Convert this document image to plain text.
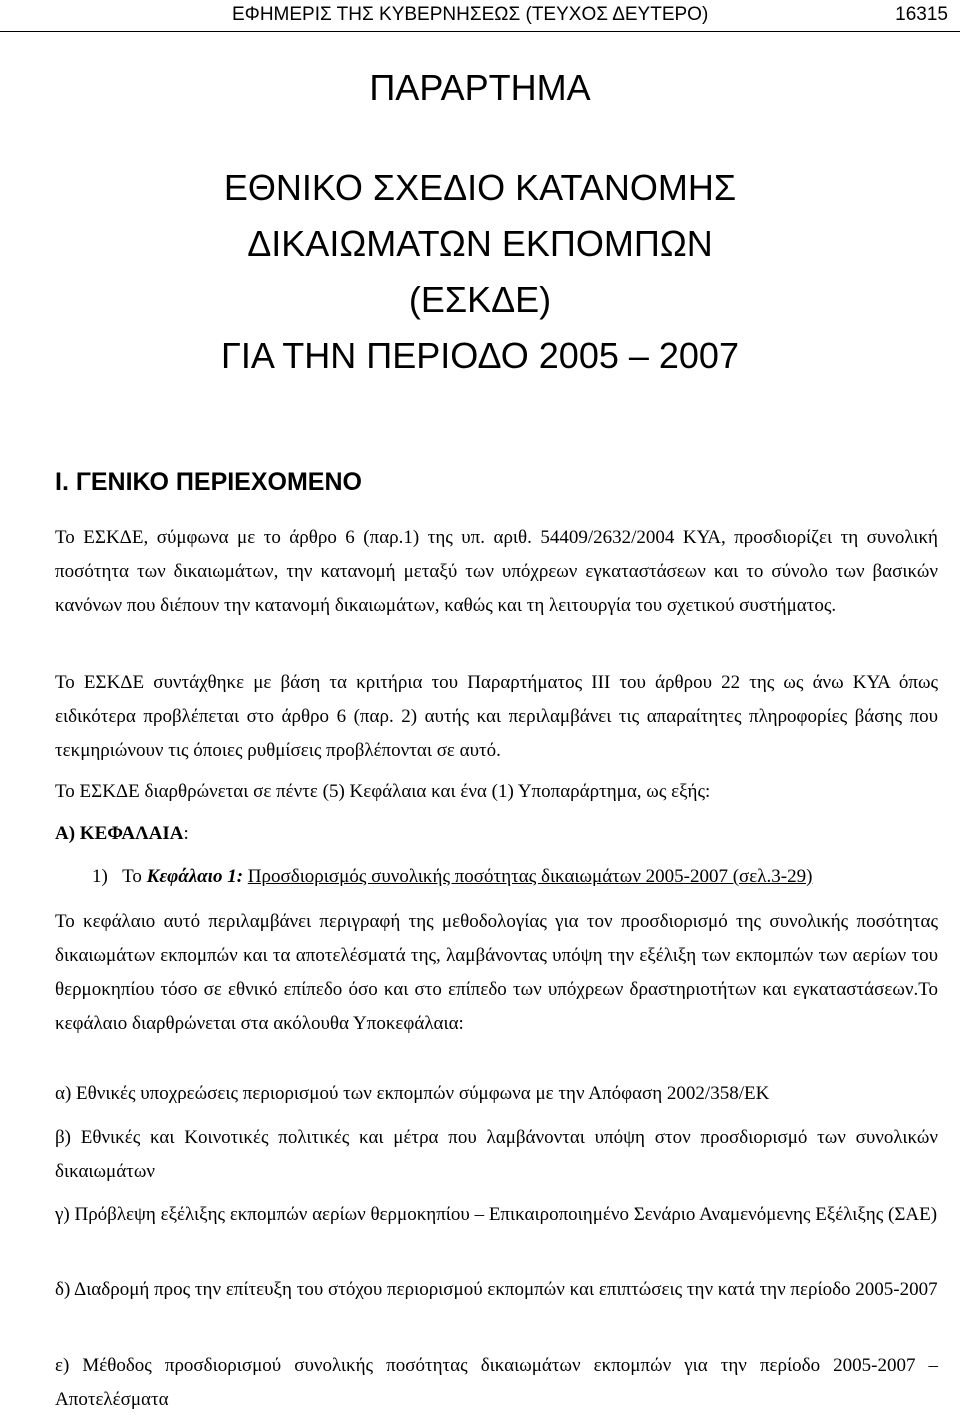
ΕΦΗΜΕΡΙΣ ΤΗΣ ΚΥΒΕΡΝΗΣΕΩΣ (ΤΕΥΧΟΣ ΔΕΥΤΕΡΟ)	16315
ΠΑΡΑΡΤΗΜΑ
ΕΘΝΙΚΟ ΣΧΕΔΙΟ ΚΑΤΑΝΟΜΗΣ
ΔΙΚΑΙΩΜΑΤΩΝ ΕΚΠΟΜΠΩΝ
(ΕΣΚΔΕ)
ΓΙΑ ΤΗΝ ΠΕΡΙΟΔΟ 2005 – 2007
Ι. ΓΕΝΙΚΟ ΠΕΡΙΕΧΟΜΕΝΟ

Το ΕΣΚΔΕ, σύμφωνα με το άρθρο 6 (παρ.1) της υπ. αριθ. 54409/2632/2004 ΚΥΑ, προσδιορίζει τη συνολική ποσότητα των δικαιωμάτων, την κατανομή μεταξύ των υπόχρεων εγκαταστάσεων και το σύνολο των βασικών κανόνων που διέπουν την κατανομή δικαιωμάτων, καθώς και τη λειτουργία του σχετικού συστήματος.

Το ΕΣΚΔΕ συντάχθηκε με βάση τα κριτήρια του Παραρτήματος ΙΙΙ του άρθρου 22 της ως άνω ΚΥΑ όπως ειδικότερα προβλέπεται στο άρθρο 6 (παρ. 2) αυτής και περιλαμβάνει τις απαραίτητες πληροφορίες βάσης που τεκμηριώνουν τις όποιες ρυθμίσεις προβλέπονται σε αυτό.

Το ΕΣΚΔΕ διαρθρώνεται σε πέντε (5) Κεφάλαια και ένα (1) Υποπαράρτημα, ως εξής:

Α) ΚΕΦΑΛΑΙΑ:
1) Το Κεφάλαιο 1: Προσδιορισμός συνολικής ποσότητας δικαιωμάτων 2005-2007 (σελ.3-29)

Το κεφάλαιο αυτό περιλαμβάνει περιγραφή της μεθοδολογίας για τον προσδιορισμό της συνολικής ποσότητας δικαιωμάτων εκπομπών και τα αποτελέσματά της, λαμβάνοντας υπόψη την εξέλιξη των εκπομπών των αερίων του θερμοκηπίου τόσο σε εθνικό επίπεδο όσο και στο επίπεδο των υπόχρεων δραστηριοτήτων και εγκαταστάσεων.Το κεφάλαιο διαρθρώνεται στα ακόλουθα Υποκεφάλαια:

α) Εθνικές υποχρεώσεις περιορισμού των εκπομπών σύμφωνα με την Απόφαση 2002/358/ΕΚ

β) Εθνικές και Κοινοτικές πολιτικές και μέτρα που λαμβάνονται υπόψη στον προσδιορισμό των συνολικών δικαιωμάτων

γ) Πρόβλεψη εξέλιξης εκπομπών αερίων θερμοκηπίου – Επικαιροποιημένο Σενάριο Αναμενόμενης Εξέλιξης (ΣΑΕ)

δ) Διαδρομή προς την επίτευξη του στόχου περιορισμού εκπομπών και επιπτώσεις την κατά την περίοδο 2005-2007

ε) Μέθοδος προσδιορισμού συνολικής ποσότητας δικαιωμάτων εκπομπών για την περίοδο 2005-2007 – Αποτελέσματα
